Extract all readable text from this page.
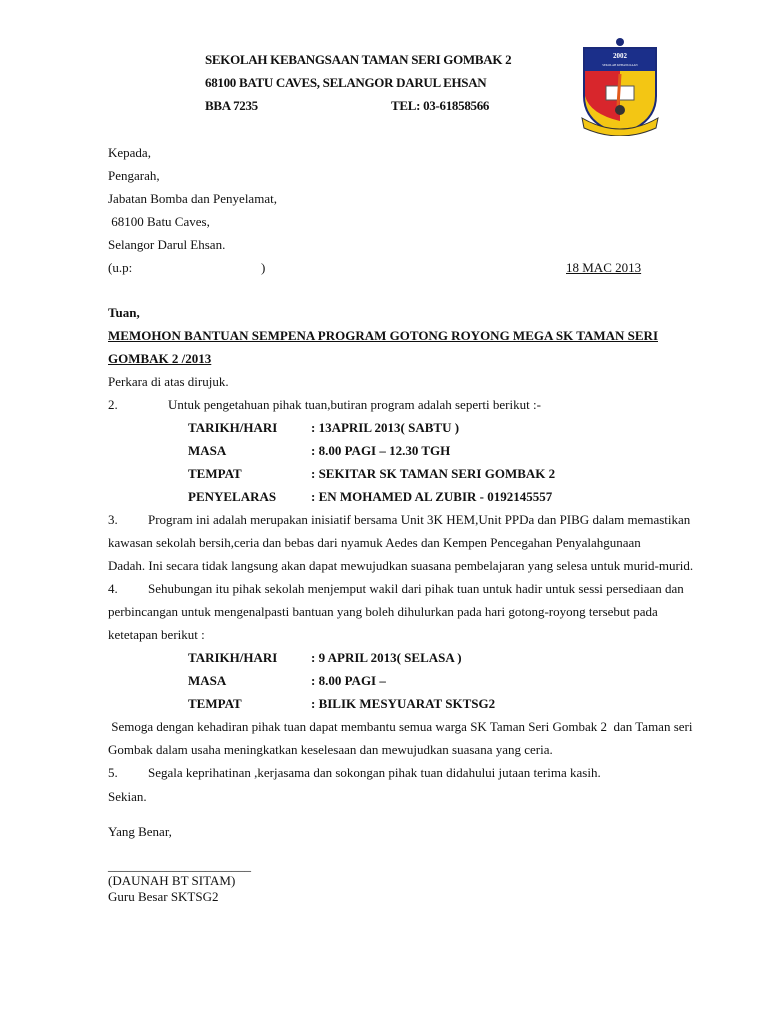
SEKOLAH KEBANGSAAN TAMAN SERI GOMBAK 2
68100 BATU CAVES, SELANGOR DARUL EHSAN
BBA 7235	TEL: 03-61858566
2002
SEKOLAH KEBANGSAAN
Kepada,
Pengarah,
Jabatan Bomba dan Penyelamat,
68100 Batu Caves,
Selangor Darul Ehsan.
(u.p:	)	18 MAC 2013
Tuan,
MEMOHON BANTUAN SEMPENA PROGRAM GOTONG ROYONG MEGA SK TAMAN SERI
GOMBAK 2 /2013
Perkara di atas dirujuk.
2.	Untuk pengetahuan pihak tuan,butiran program adalah seperti berikut :-
TARIKH/HARI	: 13APRIL 2013( SABTU )
MASA	: 8.00 PAGI – 12.30 TGH
TEMPAT	: SEKITAR SK TAMAN SERI GOMBAK 2
PENYELARAS	: EN MOHAMED AL ZUBIR - 0192145557
3. Program ini adalah merupakan inisiatif bersama Unit 3K HEM,Unit PPDa dan PIBG dalam memastikan
kawasan sekolah bersih,ceria dan bebas dari nyamuk Aedes dan Kempen Pencegahan Penyalahgunaan
Dadah. Ini secara tidak langsung akan dapat mewujudkan suasana pembelajaran yang selesa untuk murid-murid.
4. Sehubungan itu pihak sekolah menjemput wakil dari pihak tuan untuk hadir untuk sessi persediaan dan
perbincangan untuk mengenalpasti bantuan yang boleh dihulurkan pada hari gotong-royong tersebut pada
ketetapan berikut :
TARIKH/HARI	: 9 APRIL 2013( SELASA )
MASA	: 8.00 PAGI –
TEMPAT	: BILIK MESYUARAT SKTSG2
Semoga dengan kehadiran pihak tuan dapat membantu semua warga SK Taman Seri Gombak 2  dan Taman seri
Gombak dalam usaha meningkatkan keselesaan dan mewujudkan suasana yang ceria.
5. Segala keprihatinan ,kerjasama dan sokongan pihak tuan didahului jutaan terima kasih.
Sekian.
Yang Benar,
______________________
(DAUNAH BT SITAM)
Guru Besar SKTSG2
